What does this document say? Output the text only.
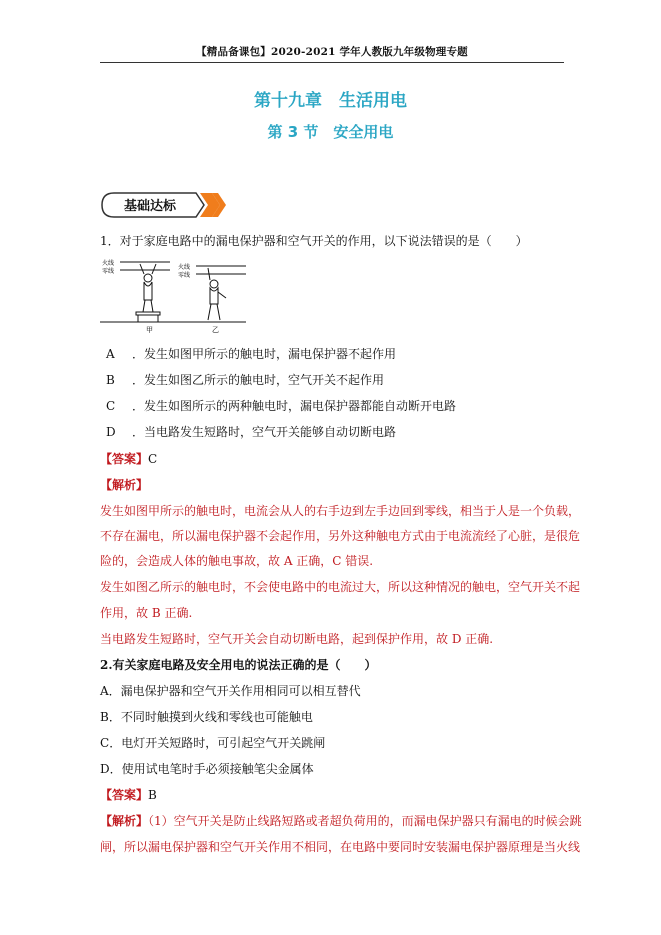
【精品备课包】2020-2021 学年人教版九年级物理专题
第十九章　生活用电
第 3 节　安全用电
基础达标
1．对于家庭电路中的漏电保护器和空气开关的作用，以下说法错误的是（　　）
火线
零线
甲
火线
零线
乙
A ．发生如图甲所示的触电时，漏电保护器不起作用
B ．发生如图乙所示的触电时，空气开关不起作用
C ．发生如图所示的两种触电时，漏电保护器都能自动断开电路
D ．当电路发生短路时，空气开关能够自动切断电路
【答案】C
【解析】
发生如图甲所示的触电时，电流会从人的右手边到左手边回到零线，相当于人是一个负载，
不存在漏电，所以漏电保护器不会起作用，另外这种触电方式由于电流流经了心脏，是很危
险的，会造成人体的触电事故，故 A 正确，C 错误.
发生如图乙所示的触电时，不会使电路中的电流过大，所以这种情况的触电，空气开关不起
作用，故 B 正确.
当电路发生短路时，空气开关会自动切断电路，起到保护作用，故 D 正确.
2.有关家庭电路及安全用电的说法正确的是（　　）
A．漏电保护器和空气开关作用相同可以相互替代
B．不同时触摸到火线和零线也可能触电
C．电灯开关短路时，可引起空气开关跳闸
D．使用试电笔时手必须接触笔尖金属体
【答案】B
【解析】（1）空气开关是防止线路短路或者超负荷用的，而漏电保护器只有漏电的时候会跳
闸，所以漏电保护器和空气开关作用不相同，在电路中要同时安装漏电保护器原理是当火线
